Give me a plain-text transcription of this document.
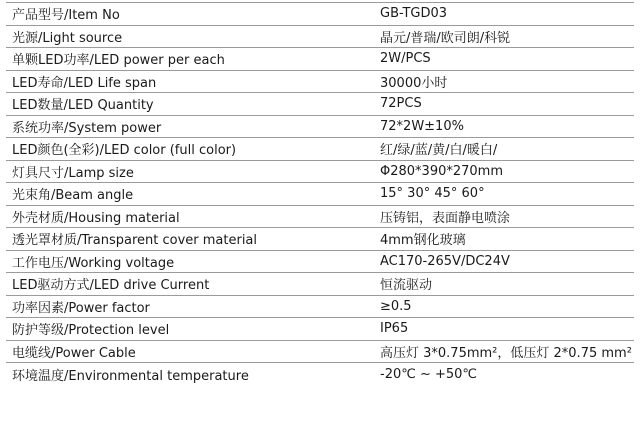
产品型号/Item No	GB-TGD03
光源/Light source	晶元/普瑞/欧司朗/科锐
单颗LED功率/LED power per each	2W/PCS
LED寿命/LED Life span	30000小时
LED数量/LED Quantity	72PCS
系统功率/System power	72*2W±10%
LED颜色(全彩)/LED color (full color)	红/绿/蓝/黄/白/暖白/
灯具尺寸/Lamp size	Φ280*390*270mm
光束角/Beam angle	15° 30° 45° 60°
外壳材质/Housing material	压铸铝，表面静电喷涂
透光罩材质/Transparent cover material	4mm钢化玻璃
工作电压/Working voltage	AC170-265V/DC24V
LED驱动方式/LED drive Current	恒流驱动
功率因素/Power factor	≥0.5
防护等级/Protection level	IP65
电缆线/Power Cable	高压灯 3*0.75mm²，低压灯 2*0.75 mm²
环境温度/Environmental temperature	-20℃ ~ +50℃
